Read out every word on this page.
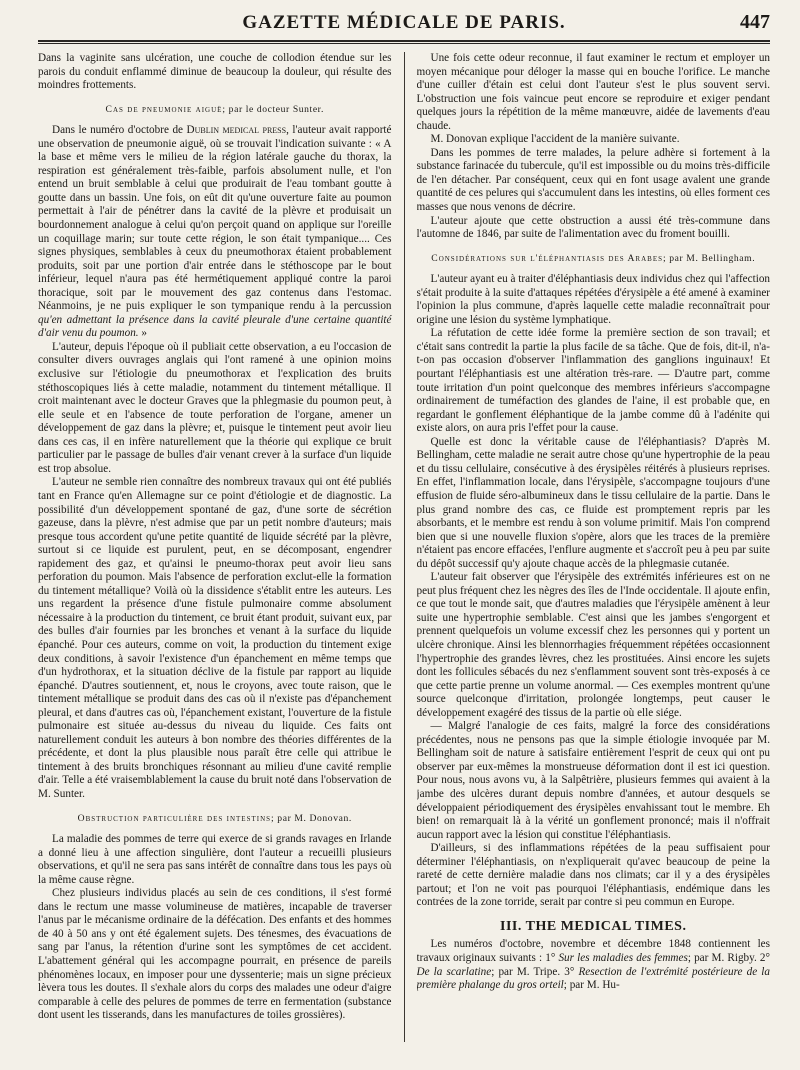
GAZETTE MÉDICALE DE PARIS.	447

Dans la vaginite sans ulcération, une couche de collodion étendue sur les parois du conduit enflammé diminue de beaucoup la douleur, qui résulte des moindres frottements.

Cas de pneumonie aiguë; par le docteur Sunter.

Dans le numéro d'octobre de Dublin medical press, l'auteur avait rapporté une observation de pneumonie aiguë, où se trouvait l'indication suivante : « A la base et même vers le milieu de la région latérale gauche du thorax, la respiration est généralement très-faible, parfois absolument nulle, et l'on entend un bruit semblable à celui que produirait de l'eau tombant goutte à goutte dans un bassin. Une fois, on eût dit qu'une ouverture faite au poumon permettait à l'air de pénétrer dans la cavité de la plèvre et produisait un bourdonnement analogue à celui qu'on perçoit quand on applique sur l'oreille un coquillage marin; sur toute cette région, le son était tympanique.... Ces signes physiques, semblables à ceux du pneumothorax étaient probablement produits, soit par une portion d'air entrée dans le stéthoscope par le bout inférieur, lequel n'aura pas été hermétiquement appliqué contre la paroi thoracique, soit par le mouvement des gaz contenus dans l'estomac. Néanmoins, je ne puis expliquer le son tympanique rendu à la percussion qu'en admettant la présence dans la cavité pleurale d'une certaine quantité d'air venu du poumon. »

L'auteur, depuis l'époque où il publiait cette observation, a eu l'occasion de consulter divers ouvrages anglais qui l'ont ramené à une opinion moins exclusive sur l'étiologie du pneumothorax et l'explication des bruits stéthoscopiques liés à cette maladie, notamment du tintement métallique. Il croit maintenant avec le docteur Graves que la phlegmasie du poumon peut, à elle seule et en l'absence de toute perforation de l'organe, amener un développement de gaz dans la plèvre; et, puisque le tintement peut avoir lieu dans ces cas, il en infère naturellement que la théorie qui explique ce bruit particulier par le passage de bulles d'air venant crever à la surface d'un liquide est trop absolue.

L'auteur ne semble rien connaître des nombreux travaux qui ont été publiés tant en France qu'en Allemagne sur ce point d'étiologie et de diagnostic. La possibilité d'un développement spontané de gaz, d'une sorte de sécrétion gazeuse, dans la plèvre, n'est admise que par un petit nombre d'auteurs; mais presque tous accordent qu'une petite quantité de liquide sécrété par la plèvre, surtout si ce liquide est purulent, peut, en se décomposant, engendrer rapidement des gaz, et qu'ainsi le pneumo-thorax peut avoir lieu sans perforation du poumon. Mais l'absence de perforation exclut-elle la formation du tintement métallique? Voilà où la dissidence s'établit entre les auteurs. Les uns regardent la présence d'une fistule pulmonaire comme absolument nécessaire à la production du tintement, ce bruit étant produit, suivant eux, par des bulles d'air fournies par les bronches et venant à la surface du liquide épanché. Pour ces auteurs, comme on voit, la production du tintement exige deux conditions, à savoir l'existence d'un épanchement en même temps que d'un hydrothorax, et la situation déclive de la fistule par rapport au liquide épanché. D'autres soutiennent, et, nous le croyons, avec toute raison, que le tintement métallique se produit dans des cas où il n'existe pas d'épanchement pleural, et dans d'autres cas où, l'épanchement existant, l'ouverture de la fistule pulmonaire est située au-dessus du niveau du liquide. Ces faits ont naturellement conduit les auteurs à bon nombre des théories différentes de la précédente, et dont la plus plausible nous paraît être celle qui attribue le tintement à des bruits bronchiques résonnant au milieu d'une cavité remplie d'air. Telle a été vraisemblablement la cause du bruit noté dans l'observation de M. Sunter.

Obstruction particulière des intestins; par M. Donovan.

La maladie des pommes de terre qui exerce de si grands ravages en Irlande a donné lieu à une affection singulière, dont l'auteur a recueilli plusieurs observations, et qu'il ne sera pas sans intérêt de connaître dans tous les pays où la même cause règne.

Chez plusieurs individus placés au sein de ces conditions, il s'est formé dans le rectum une masse volumineuse de matières, incapable de traverser l'anus par le mécanisme ordinaire de la défécation. Des enfants et des hommes de 40 à 50 ans y ont été également sujets. Des ténesmes, des évacuations de sang par l'anus, la rétention d'urine sont les symptômes de cet accident. L'abattement général qui les accompagne pourrait, en présence de pareils phénomènes locaux, en imposer pour une dyssenterie; mais un signe précieux lèvera tous les doutes. Il s'exhale alors du corps des malades une odeur d'aigre comparable à celle des pelures de pommes de terre en fermentation (substance dont usent les tisserands, dans les manufactures de toiles grossières).

Une fois cette odeur reconnue, il faut examiner le rectum et employer un moyen mécanique pour déloger la masse qui en bouche l'orifice. Le manche d'une cuiller d'étain est celui dont l'auteur s'est le plus souvent servi. L'obstruction une fois vaincue peut encore se reproduire et exiger pendant quelques jours la répétition de la même manœuvre, aidée de lavements d'eau chaude.

M. Donovan explique l'accident de la manière suivante.

Dans les pommes de terre malades, la pelure adhère si fortement à la substance farinacée du tubercule, qu'il est impossible ou du moins très-difficile de l'en détacher. Par conséquent, ceux qui en font usage avalent une grande quantité de ces pelures qui s'accumulent dans les intestins, où elles forment ces masses que nous venons de décrire.

L'auteur ajoute que cette obstruction a aussi été très-commune dans l'automne de 1846, par suite de l'alimentation avec du froment bouilli.

Considérations sur l'éléphantiasis des Arabes; par M. Bellingham.

L'auteur ayant eu à traiter d'éléphantiasis deux individus chez qui l'affection s'était produite à la suite d'attaques répétées d'érysipèle a été amené à examiner l'opinion la plus commune, d'après laquelle cette maladie reconnaîtrait pour origine une lésion du système lymphatique.

La réfutation de cette idée forme la première section de son travail; et c'était sans contredit la partie la plus facile de sa tâche. Que de fois, dit-il, n'a-t-on pas occasion d'observer l'inflammation des ganglions inguinaux! Et pourtant l'éléphantiasis est une altération très-rare. — D'autre part, comme toute irritation d'un point quelconque des membres inférieurs s'accompagne ordinairement de tuméfaction des glandes de l'aine, il est probable que, en regardant le gonflement éléphantique de la jambe comme dû à l'adénite qui existe alors, on aura pris l'effet pour la cause.

Quelle est donc la véritable cause de l'éléphantiasis? D'après M. Bellingham, cette maladie ne serait autre chose qu'une hypertrophie de la peau et du tissu cellulaire, consécutive à des érysipèles réitérés à plusieurs reprises. En effet, l'inflammation locale, dans l'érysipèle, s'accompagne toujours d'une effusion de fluide séro-albumineux dans le tissu cellulaire de la partie. Dans le plus grand nombre des cas, ce fluide est promptement repris par les absorbants, et le membre est rendu à son volume primitif. Mais l'on comprend bien que si une nouvelle fluxion s'opère, alors que les traces de la première n'étaient pas encore effacées, l'enflure augmente et s'accroît peu à peu par suite du dépôt successif qu'y ajoute chaque accès de la phlegmasie cutanée.

L'auteur fait observer que l'érysipèle des extrémités inférieures est on ne peut plus fréquent chez les nègres des îles de l'Inde occidentale. Il ajoute enfin, ce que tout le monde sait, que d'autres maladies que l'érysipèle amènent à leur suite une hypertrophie semblable. C'est ainsi que les jambes s'engorgent et prennent quelquefois un volume excessif chez les personnes qui y portent un ulcère chronique. Ainsi les blennorrhagies fréquemment répétées occasionnent l'hypertrophie des grandes lèvres, chez les prostituées. Ainsi encore les sujets dont les follicules sébacés du nez s'enflamment souvent sont très-exposés à ce que cette partie prenne un volume anormal. — Ces exemples montrent qu'une source quelconque d'irritation, prolongée longtemps, peut causer le développement exagéré des tissus de la partie où elle siége.

— Malgré l'analogie de ces faits, malgré la force des considérations précédentes, nous ne pensons pas que la simple étiologie invoquée par M. Bellingham soit de nature à satisfaire entièrement l'esprit de ceux qui ont pu observer par eux-mêmes la monstrueuse déformation dont il est ici question. Pour nous, nous avons vu, à la Salpêtrière, plusieurs femmes qui avaient à la jambe des ulcères durant depuis nombre d'années, et autour desquels se développaient périodiquement des érysipèles envahissant tout le membre. Eh bien! on remarquait là à la vérité un gonflement prononcé; mais il n'offrait aucun rapport avec la lésion qui constitue l'éléphantiasis.

D'ailleurs, si des inflammations répétées de la peau suffisaient pour déterminer l'éléphantiasis, on n'expliquerait qu'avec beaucoup de peine la rareté de cette dernière maladie dans nos climats; car il y a des érysipèles partout; et l'on ne voit pas pourquoi l'éléphantiasis, endémique dans les contrées de la zone torride, serait par contre si peu commun en Europe.

III. THE MEDICAL TIMES.

Les numéros d'octobre, novembre et décembre 1848 contiennent les travaux originaux suivants : 1° Sur les maladies des femmes; par M. Rigby. 2° De la scarlatine; par M. Tripe. 3° Resection de l'extrémité postérieure de la première phalange du gros orteil; par M. Hu-
